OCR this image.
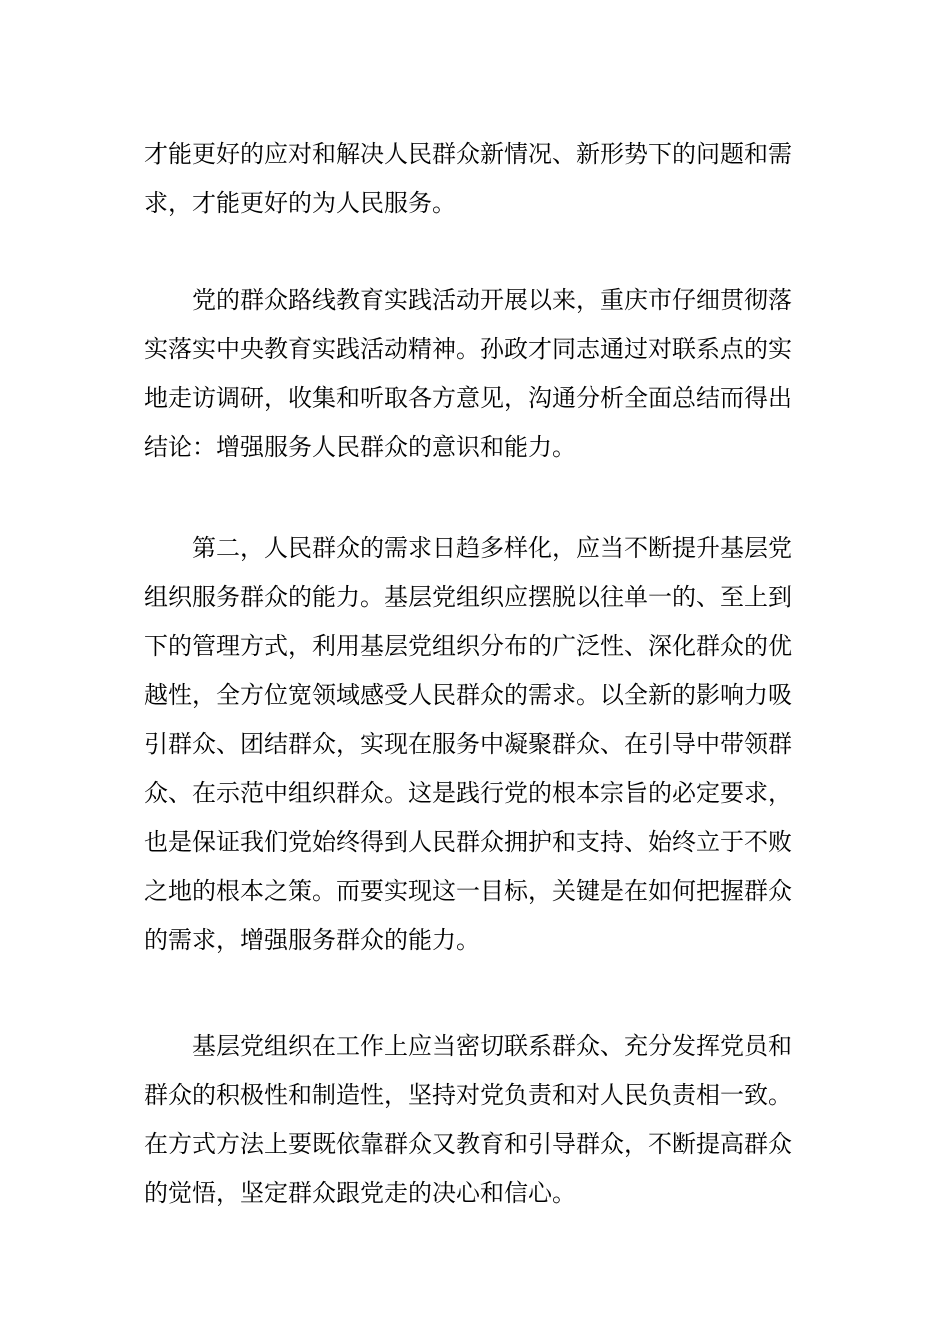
才能更好的应对和解决人民群众新情况、新形势下的问题和需
求，才能更好的为人民服务。
党的群众路线教育实践活动开展以来，重庆市仔细贯彻落
实落实中央教育实践活动精神。孙政才同志通过对联系点的实
地走访调研，收集和听取各方意见，沟通分析全面总结而得出
结论：增强服务人民群众的意识和能力。
第二，人民群众的需求日趋多样化，应当不断提升基层党
组织服务群众的能力。基层党组织应摆脱以往单一的、至上到
下的管理方式，利用基层党组织分布的广泛性、深化群众的优
越性，全方位宽领域感受人民群众的需求。以全新的影响力吸
引群众、团结群众，实现在服务中凝聚群众、在引导中带领群
众、在示范中组织群众。这是践行党的根本宗旨的必定要求，
也是保证我们党始终得到人民群众拥护和支持、始终立于不败
之地的根本之策。而要实现这一目标，关键是在如何把握群众
的需求，增强服务群众的能力。
基层党组织在工作上应当密切联系群众、充分发挥党员和
群众的积极性和制造性，坚持对党负责和对人民负责相一致。
在方式方法上要既依靠群众又教育和引导群众，不断提高群众
的觉悟，坚定群众跟党走的决心和信心。
